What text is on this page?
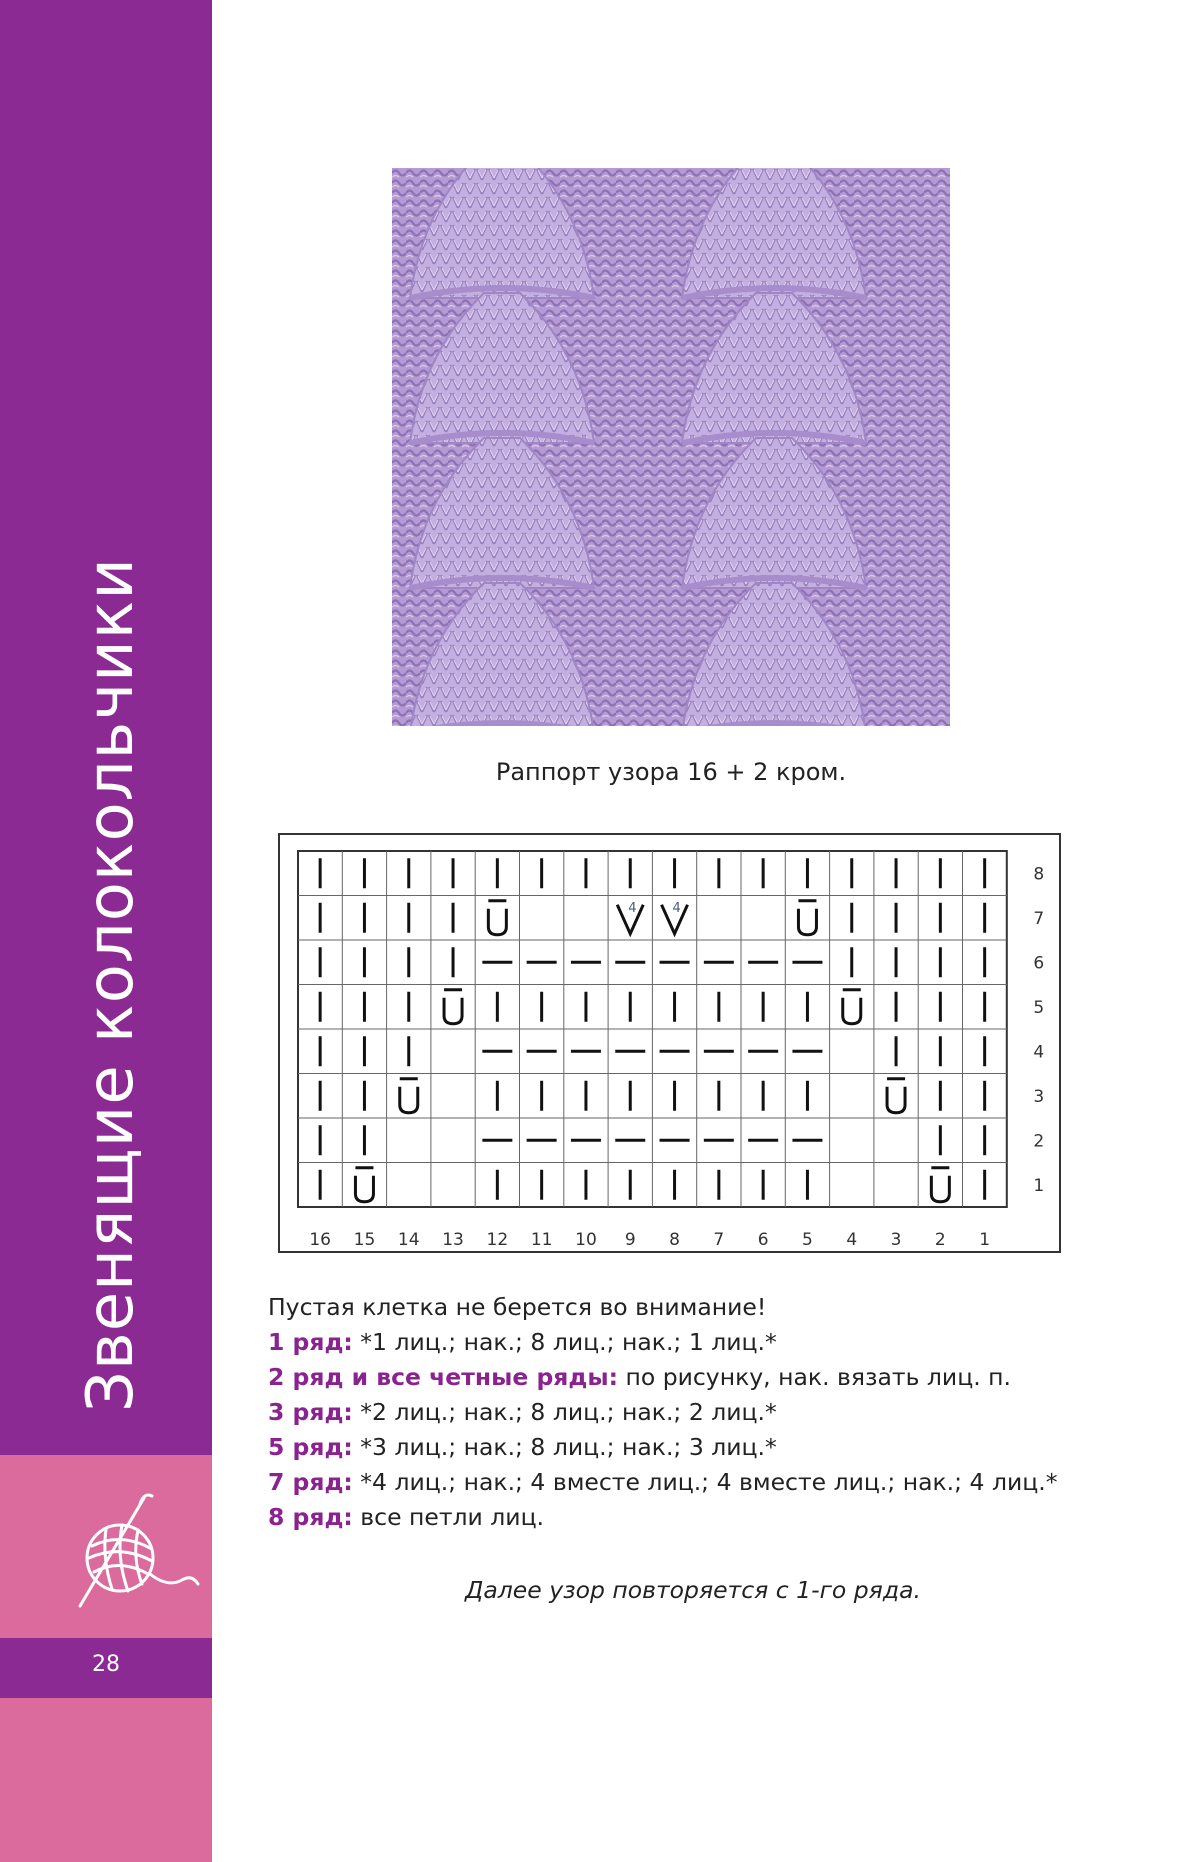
Звенящие колокольчики
28
Раппорт узора 16 + 2 кром.
4	4
16 15 14 13 12 11 10 9 8 7 6 5 4 3 2 1
8
7
6
5
4
3
2
1
Пустая клетка не берется во внимание!
1 ряд: *1 лиц.; нак.; 8 лиц.; нак.; 1 лиц.*
2 ряд и все четные ряды: по рисунку, нак. вязать лиц. п.
3 ряд: *2 лиц.; нак.; 8 лиц.; нак.; 2 лиц.*
5 ряд: *3 лиц.; нак.; 8 лиц.; нак.; 3 лиц.*
7 ряд: *4 лиц.; нак.; 4 вместе лиц.; 4 вместе лиц.; нак.; 4 лиц.*
8 ряд: все петли лиц.
Далее узор повторяется с 1-го ряда.
